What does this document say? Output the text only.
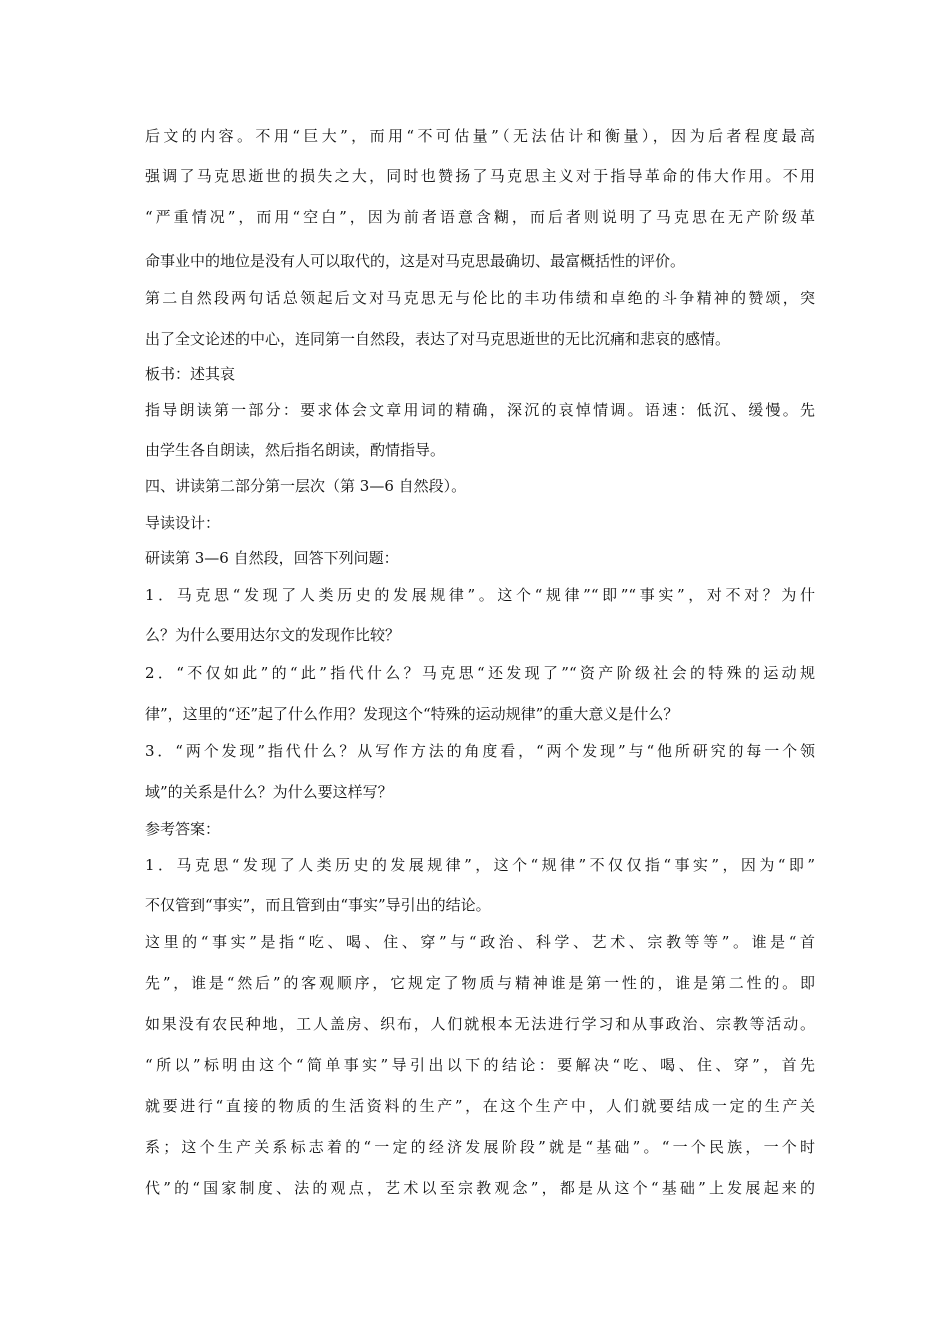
后文的内容。不用“巨大”，而用“不可估量”（无法估计和衡量），因为后者程度最高
强调了马克思逝世的损失之大，同时也赞扬了马克思主义对于指导革命的伟大作用。不用
“严重情况”，而用“空白”，因为前者语意含糊，而后者则说明了马克思在无产阶级革
命事业中的地位是没有人可以取代的，这是对马克思最确切、最富概括性的评价。
第二自然段两句话总领起后文对马克思无与伦比的丰功伟绩和卓绝的斗争精神的赞颂，突
出了全文论述的中心，连同第一自然段，表达了对马克思逝世的无比沉痛和悲哀的感情。
板书：述其哀
指导朗读第一部分：要求体会文章用词的精确，深沉的哀悼情调。语速：低沉、缓慢。先
由学生各自朗读，然后指名朗读，酌情指导。
四、讲读第二部分第一层次（第 3—6 自然段）。
导读设计：
研读第 3—6 自然段，回答下列问题：
1．马克思“发现了人类历史的发展规律”。这个“规律”“即”“事实”，对不对？为什
么？为什么要用达尔文的发现作比较？
2．“不仅如此”的“此”指代什么？马克思“还发现了”“资产阶级社会的特殊的运动规
律”，这里的“还”起了什么作用？发现这个“特殊的运动规律”的重大意义是什么？
3．“两个发现”指代什么？从写作方法的角度看，“两个发现”与“他所研究的每一个领
域”的关系是什么？为什么要这样写？
参考答案：
1．马克思“发现了人类历史的发展规律”，这个“规律”不仅仅指“事实”，因为“即”
不仅管到“事实”，而且管到由“事实”导引出的结论。
这里的“事实”是指“吃、喝、住、穿”与“政治、科学、艺术、宗教等等”。谁是“首
先”，谁是“然后”的客观顺序，它规定了物质与精神谁是第一性的，谁是第二性的。即
如果没有农民种地，工人盖房、织布，人们就根本无法进行学习和从事政治、宗教等活动。
“所以”标明由这个“简单事实”导引出以下的结论：要解决“吃、喝、住、穿”，首先
就要进行“直接的物质的生活资料的生产”，在这个生产中，人们就要结成一定的生产关
系；这个生产关系标志着的“一定的经济发展阶段”就是“基础”。“一个民族，一个时
代”的“国家制度、法的观点，艺术以至宗教观念”，都是从这个“基础”上发展起来的
